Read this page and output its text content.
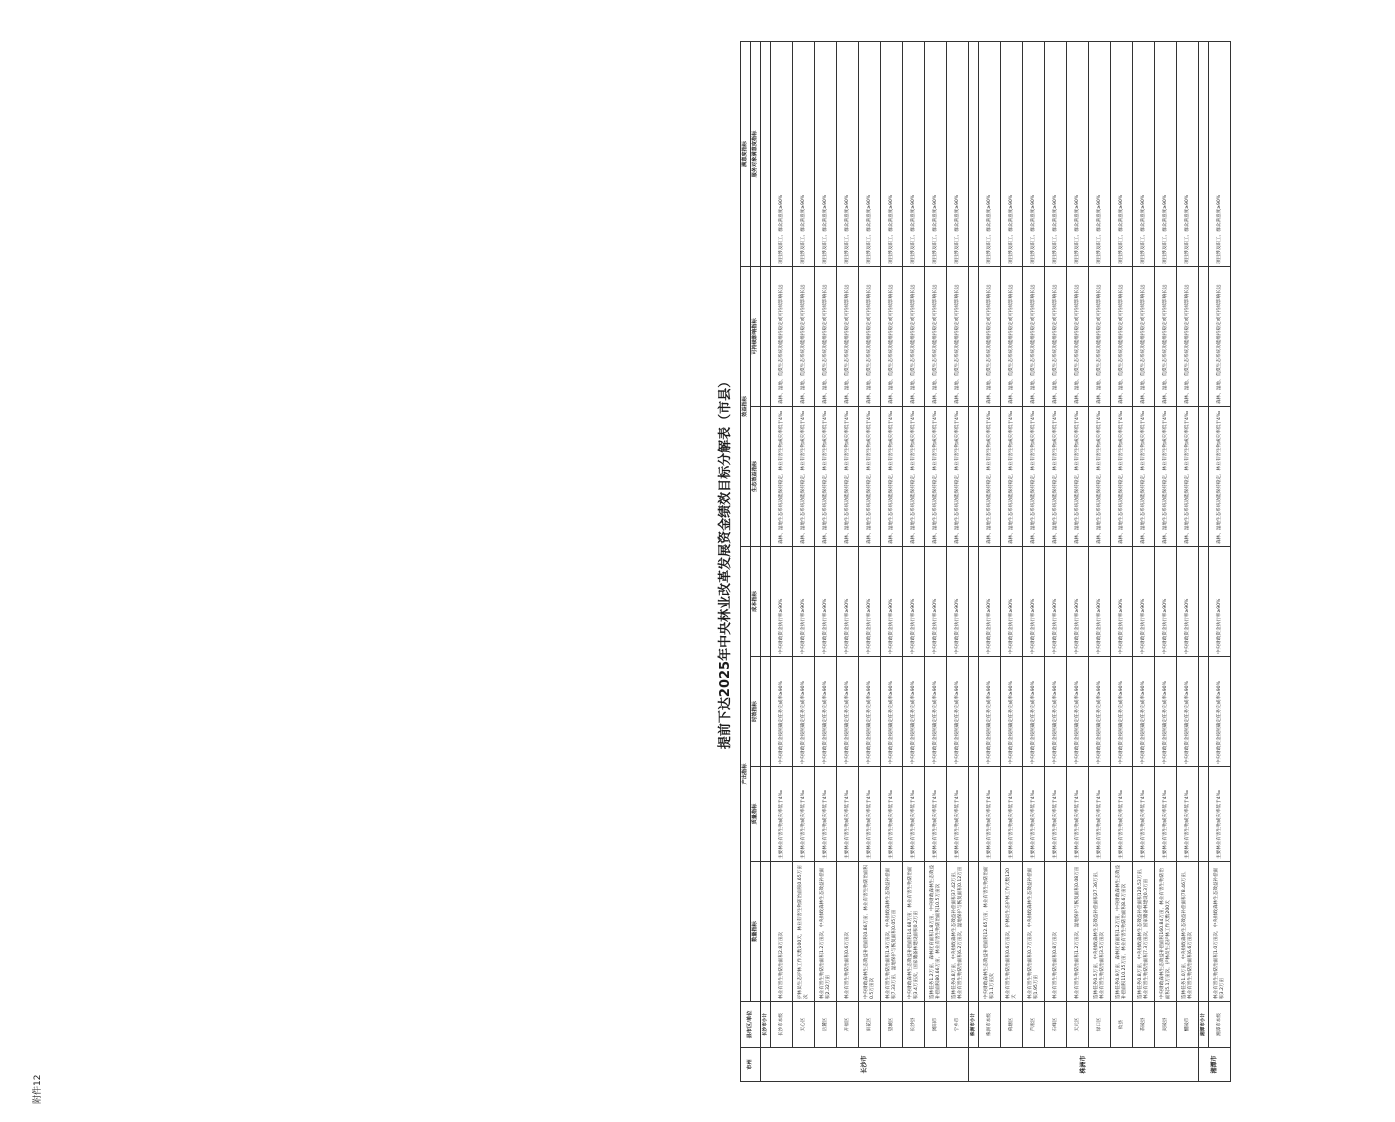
附件12
提前下达2025年中央林业改革发展资金绩效目标分解表（市县）
市州	县市区/单位	产出指标				效益指标		满意度指标
		数量指标	质量指标	时效指标	成本指标	生态效益指标	可持续影响指标	服务对象满意度指标
长沙市	长沙市小计							
	长沙市本级	林业有害生物防治面积2.8万亩次	主要林业有害生物成灾率低于4‰	中央财政资金按照确定任务完成率≥90%	中央财政资金执行率≥90%	森林、湿地生态系统功能保持稳定，林业有害生物成灾率低于4‰	森林、湿地、荒漠生态系统功能维持稳定或可持续影响长远	项目涉及职工、群众满意度≥90%
	天心区	护林员生态护林工作天数100天，林业有害生物防治面积0.65万亩次	主要林业有害生物成灾率低于4‰	中央财政资金按照确定任务完成率≥90%	中央财政资金执行率≥90%	森林、湿地生态系统功能保持稳定，林业有害生物成灾率低于4‰	森林、湿地、荒漠生态系统功能维持稳定或可持续影响长远	项目涉及职工、群众满意度≥90%
	岳麓区	林业有害生物防治面积1.2万亩次，中央财政森林生态效益补偿面积2.32万亩	主要林业有害生物成灾率低于4‰	中央财政资金按照确定任务完成率≥90%	中央财政资金执行率≥90%	森林、湿地生态系统功能保持稳定，林业有害生物成灾率低于4‰	森林、湿地、荒漠生态系统功能维持稳定或可持续影响长远	项目涉及职工、群众满意度≥90%
	开福区	林业有害生物防治面积0.6万亩次	主要林业有害生物成灾率低于4‰	中央财政资金按照确定任务完成率≥90%	中央财政资金执行率≥90%	森林、湿地生态系统功能保持稳定，林业有害生物成灾率低于4‰	森林、湿地、荒漠生态系统功能维持稳定或可持续影响长远	项目涉及职工、群众满意度≥90%
	雨花区	中央财政森林生态效益补偿面积0.86万亩，林业有害生物防治面积0.5万亩次	主要林业有害生物成灾率低于4‰	中央财政资金按照确定任务完成率≥90%	中央财政资金执行率≥90%	森林、湿地生态系统功能保持稳定，林业有害生物成灾率低于4‰	森林、湿地、荒漠生态系统功能维持稳定或可持续影响长远	项目涉及职工、群众满意度≥90%
	望城区	林业有害生物防治面积1.9万亩次，中央财政森林生态效益补偿面积7.33万亩，湿地保护与恢复面积0.05万亩	主要林业有害生物成灾率低于4‰	中央财政资金按照确定任务完成率≥90%	中央财政资金执行率≥90%	森林、湿地生态系统功能保持稳定，林业有害生物成灾率低于4‰	森林、湿地、荒漠生态系统功能维持稳定或可持续影响长远	项目涉及职工、群众满意度≥90%
	长沙县	中央财政森林生态效益补偿面积14.68万亩，林业有害生物防治面积3.4万亩次，国家储备林建设面积0.2万亩	主要林业有害生物成灾率低于4‰	中央财政资金按照确定任务完成率≥90%	中央财政资金执行率≥90%	森林、湿地生态系统功能保持稳定，林业有害生物成灾率低于4‰	森林、湿地、荒漠生态系统功能维持稳定或可持续影响长远	项目涉及职工、群众满意度≥90%
	浏阳市	造林任务1.2万亩，森林抚育面积1.8万亩，中央财政森林生态效益补偿面积80.66万亩，林业有害生物防治面积10.5万亩次	主要林业有害生物成灾率低于4‰	中央财政资金按照确定任务完成率≥90%	中央财政资金执行率≥90%	森林、湿地生态系统功能保持稳定，林业有害生物成灾率低于4‰	森林、湿地、荒漠生态系统功能维持稳定或可持续影响长远	项目涉及职工、群众满意度≥90%
	宁乡市	造林任务0.8万亩，中央财政森林生态效益补偿面积37.42万亩，林业有害生物防治面积6.2万亩次，湿地保护与恢复面积0.12万亩	主要林业有害生物成灾率低于4‰	中央财政资金按照确定任务完成率≥90%	中央财政资金执行率≥90%	森林、湿地生态系统功能保持稳定，林业有害生物成灾率低于4‰	森林、湿地、荒漠生态系统功能维持稳定或可持续影响长远	项目涉及职工、群众满意度≥90%
株洲市	株洲市小计							
	株洲市本级	中央财政森林生态效益补偿面积12.65万亩，林业有害生物防治面积1.1万亩次	主要林业有害生物成灾率低于4‰	中央财政资金按照确定任务完成率≥90%	中央财政资金执行率≥90%	森林、湿地生态系统功能保持稳定，林业有害生物成灾率低于4‰	森林、湿地、荒漠生态系统功能维持稳定或可持续影响长远	项目涉及职工、群众满意度≥90%
	荷塘区	林业有害生物防治面积0.6万亩次，护林员生态护林工作天数120天	主要林业有害生物成灾率低于4‰	中央财政资金按照确定任务完成率≥90%	中央财政资金执行率≥90%	森林、湿地生态系统功能保持稳定，林业有害生物成灾率低于4‰	森林、湿地、荒漠生态系统功能维持稳定或可持续影响长远	项目涉及职工、群众满意度≥90%
	芦淞区	林业有害生物防治面积0.7万亩次，中央财政森林生态效益补偿面积1.95万亩	主要林业有害生物成灾率低于4‰	中央财政资金按照确定任务完成率≥90%	中央财政资金执行率≥90%	森林、湿地生态系统功能保持稳定，林业有害生物成灾率低于4‰	森林、湿地、荒漠生态系统功能维持稳定或可持续影响长远	项目涉及职工、群众满意度≥90%
	石峰区	林业有害生物防治面积0.8万亩次	主要林业有害生物成灾率低于4‰	中央财政资金按照确定任务完成率≥90%	中央财政资金执行率≥90%	森林、湿地生态系统功能保持稳定，林业有害生物成灾率低于4‰	森林、湿地、荒漠生态系统功能维持稳定或可持续影响长远	项目涉及职工、群众满意度≥90%
	天元区	林业有害生物防治面积1.2万亩次，湿地保护与恢复面积0.08万亩	主要林业有害生物成灾率低于4‰	中央财政资金按照确定任务完成率≥90%	中央财政资金执行率≥90%	森林、湿地生态系统功能保持稳定，林业有害生物成灾率低于4‰	森林、湿地、荒漠生态系统功能维持稳定或可持续影响长远	项目涉及职工、群众满意度≥90%
	渌口区	造林任务0.5万亩，中央财政森林生态效益补偿面积27.36万亩，林业有害生物防治面积3.5万亩次	主要林业有害生物成灾率低于4‰	中央财政资金按照确定任务完成率≥90%	中央财政资金执行率≥90%	森林、湿地生态系统功能保持稳定，林业有害生物成灾率低于4‰	森林、湿地、荒漠生态系统功能维持稳定或可持续影响长远	项目涉及职工、群众满意度≥90%
	攸县	造林任务0.9万亩，森林抚育面积1.2万亩，中央财政森林生态效益补偿面积110.25万亩，林业有害生物防治面积8.6万亩次	主要林业有害生物成灾率低于4‰	中央财政资金按照确定任务完成率≥90%	中央财政资金执行率≥90%	森林、湿地生态系统功能保持稳定，林业有害生物成灾率低于4‰	森林、湿地、荒漠生态系统功能维持稳定或可持续影响长远	项目涉及职工、群众满意度≥90%
	茶陵县	造林任务0.8万亩，中央财政森林生态效益补偿面积120.53万亩，林业有害生物防治面积7.3万亩次，国家储备林建设0.3万亩	主要林业有害生物成灾率低于4‰	中央财政资金按照确定任务完成率≥90%	中央财政资金执行率≥90%	森林、湿地生态系统功能保持稳定，林业有害生物成灾率低于4‰	森林、湿地、荒漠生态系统功能维持稳定或可持续影响长远	项目涉及职工、群众满意度≥90%
	炎陵县	中央财政森林生态效益补偿面积160.84万亩，林业有害生物防治面积5.1万亩次，护林员生态护林工作天数200天	主要林业有害生物成灾率低于4‰	中央财政资金按照确定任务完成率≥90%	中央财政资金执行率≥90%	森林、湿地生态系统功能保持稳定，林业有害生物成灾率低于4‰	森林、湿地、荒漠生态系统功能维持稳定或可持续影响长远	项目涉及职工、群众满意度≥90%
	醴陵市	造林任务1.0万亩，中央财政森林生态效益补偿面积78.46万亩，林业有害生物防治面积6.6万亩次	主要林业有害生物成灾率低于4‰	中央财政资金按照确定任务完成率≥90%	中央财政资金执行率≥90%	森林、湿地生态系统功能保持稳定，林业有害生物成灾率低于4‰	森林、湿地、荒漠生态系统功能维持稳定或可持续影响长远	项目涉及职工、群众满意度≥90%
湘潭市	湘潭市小计							
	湘潭市本级	林业有害生物防治面积1.0万亩次，中央财政森林生态效益补偿面积3.2万亩	主要林业有害生物成灾率低于4‰	中央财政资金按照确定任务完成率≥90%	中央财政资金执行率≥90%	森林、湿地生态系统功能保持稳定，林业有害生物成灾率低于4‰	森林、湿地、荒漠生态系统功能维持稳定或可持续影响长远	项目涉及职工、群众满意度≥90%
